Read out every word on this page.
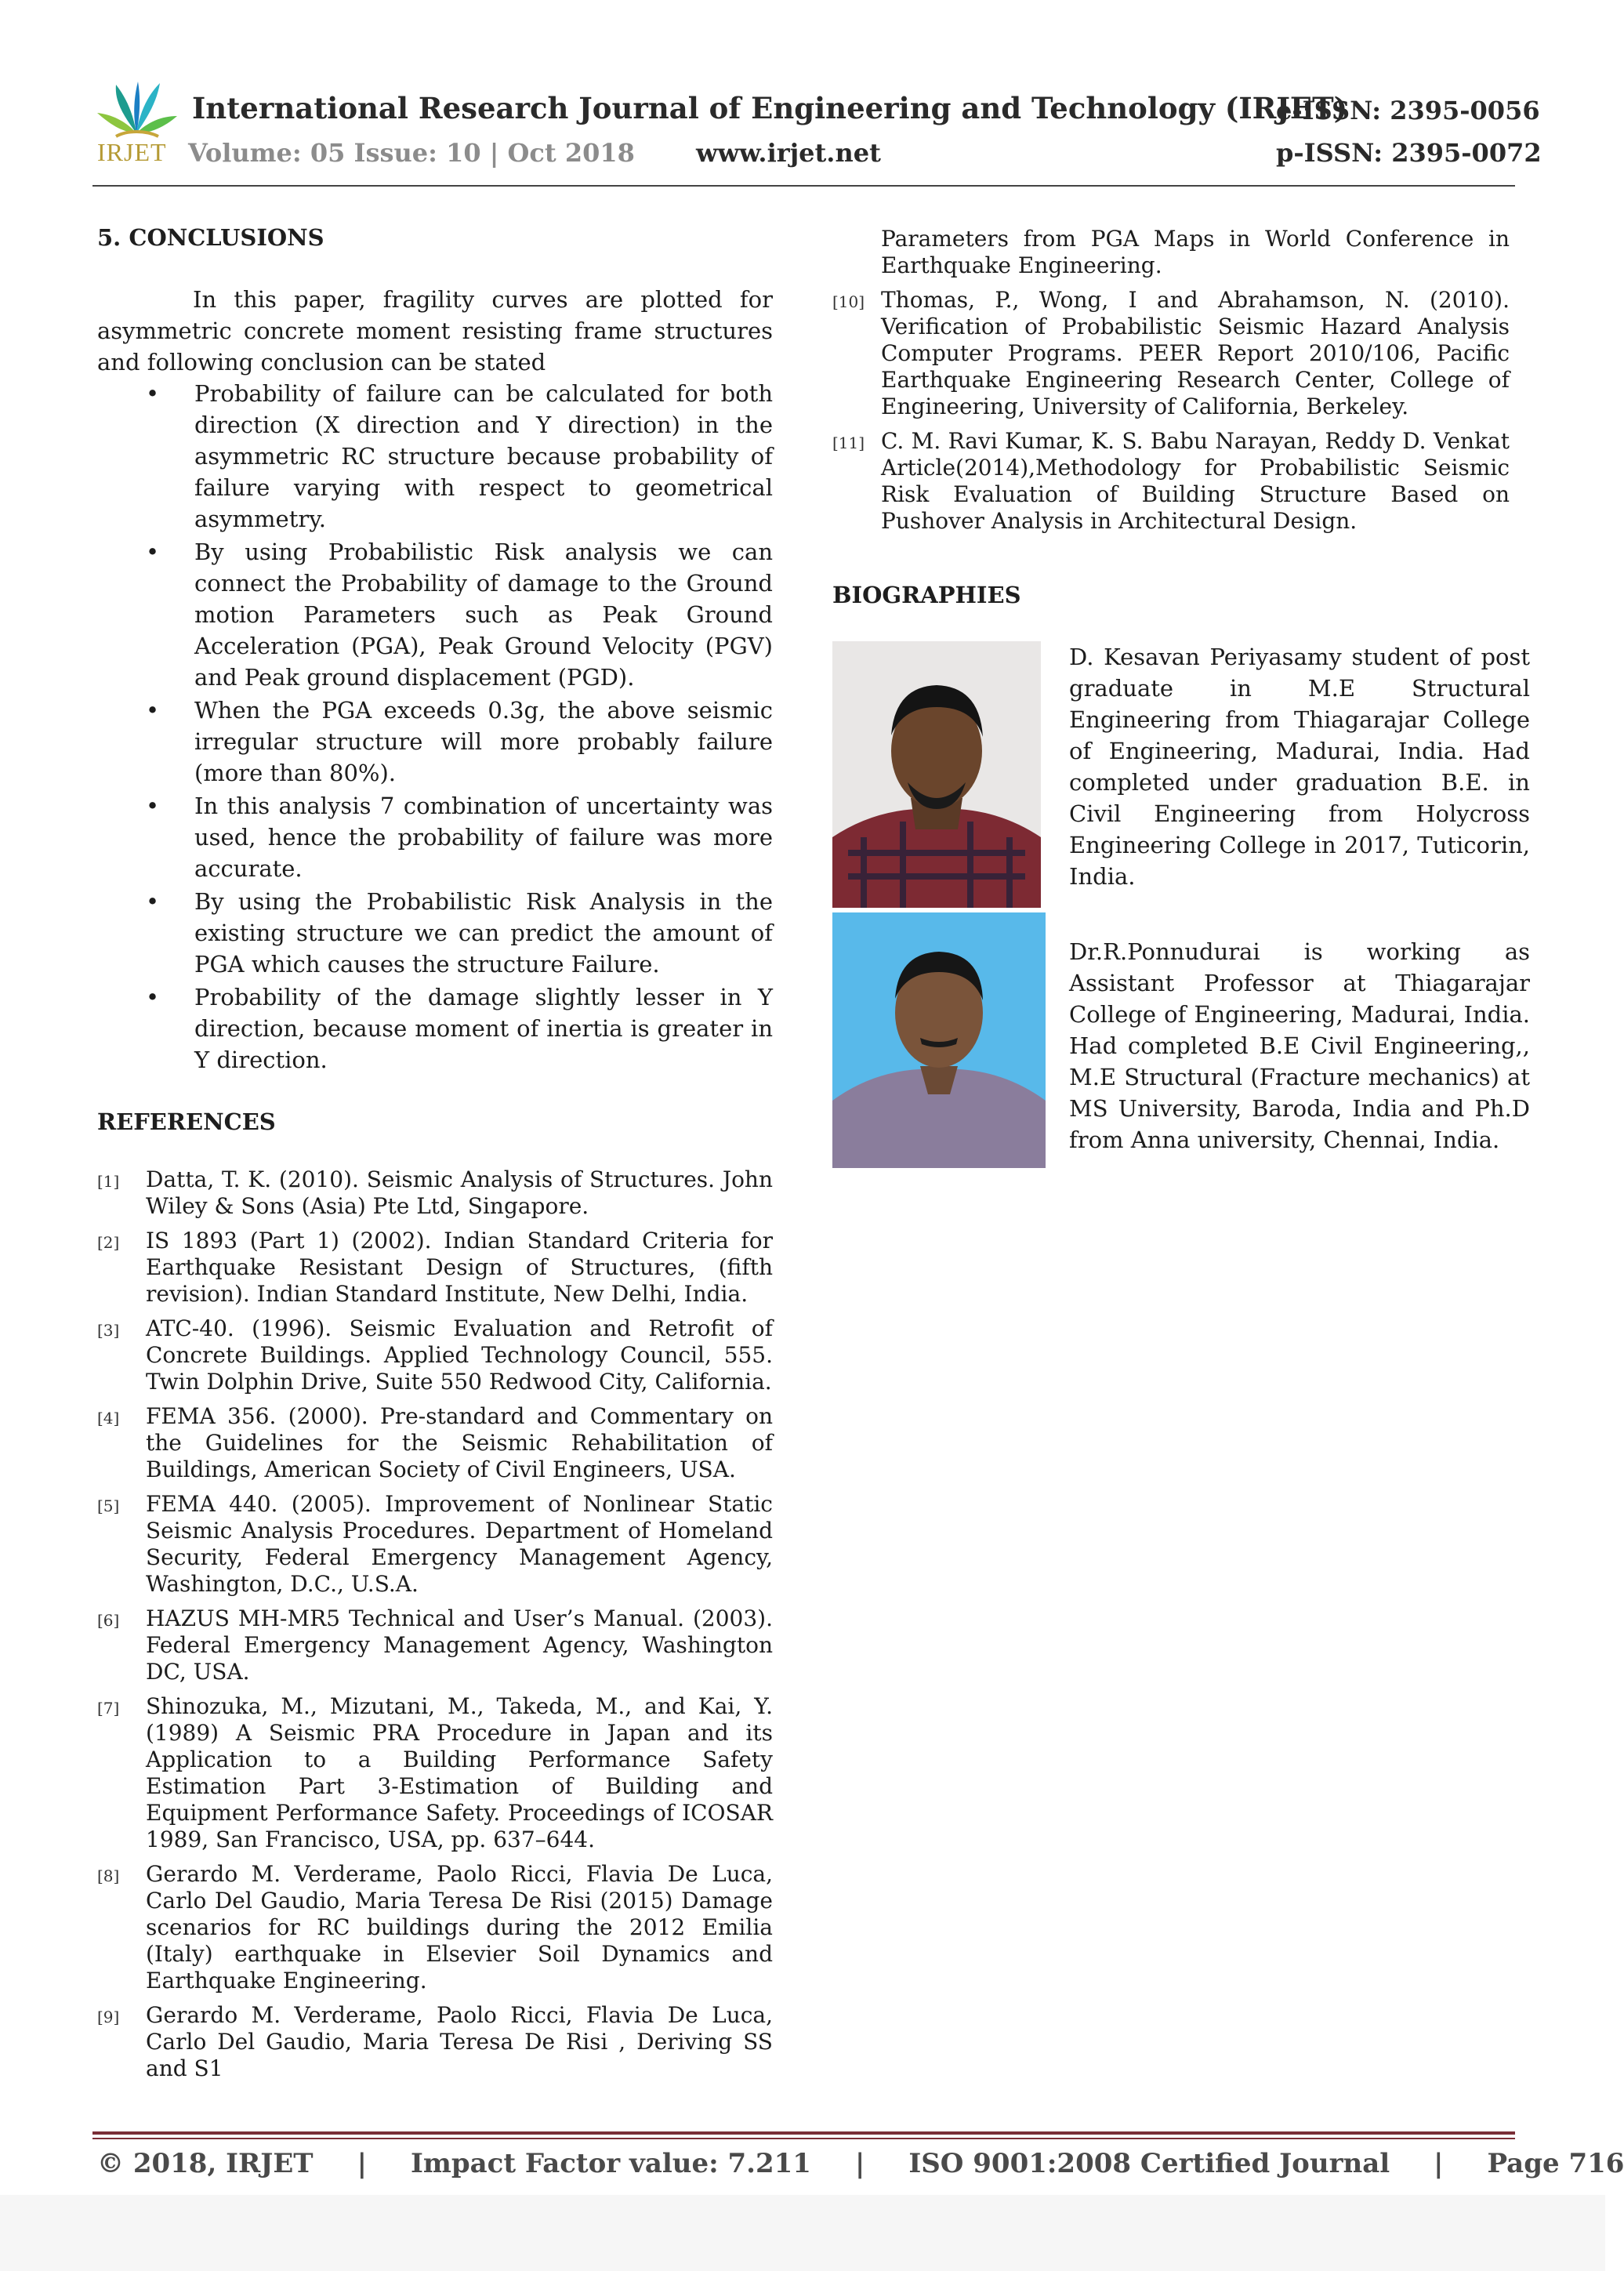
IRJET
International Research Journal of Engineering and Technology (IRJET)
Volume: 05 Issue: 10 | Oct 2018 www.irjet.net
e-ISSN: 2395-0056
p-ISSN: 2395-0072
5. CONCLUSIONS
In this paper, fragility curves are plotted for asymmetric concrete moment resisting frame structures and following conclusion can be stated
• Probability of failure can be calculated for both direction (X direction and Y direction) in the asymmetric RC structure because probability of failure varying with respect to geometrical asymmetry.
• By using Probabilistic Risk analysis we can connect the Probability of damage to the Ground motion Parameters such as Peak Ground Acceleration (PGA), Peak Ground Velocity (PGV) and Peak ground displacement (PGD).
• When the PGA exceeds 0.3g, the above seismic irregular structure will more probably failure (more than 80%).
• In this analysis 7 combination of uncertainty was used, hence the probability of failure was more accurate.
• By using the Probabilistic Risk Analysis in the existing structure we can predict the amount of PGA which causes the structure Failure.
• Probability of the damage slightly lesser in Y direction, because moment of inertia is greater in Y direction.
REFERENCES
[1] Datta, T. K. (2010). Seismic Analysis of Structures. John Wiley & Sons (Asia) Pte Ltd, Singapore.
[2] IS 1893 (Part 1) (2002). Indian Standard Criteria for Earthquake Resistant Design of Structures, (fifth revision). Indian Standard Institute, New Delhi, India.
[3] ATC-40. (1996). Seismic Evaluation and Retrofit of Concrete Buildings. Applied Technology Council, 555. Twin Dolphin Drive, Suite 550 Redwood City, California.
[4] FEMA 356. (2000). Pre-standard and Commentary on the Guidelines for the Seismic Rehabilitation of Buildings, American Society of Civil Engineers, USA.
[5] FEMA 440. (2005). Improvement of Nonlinear Static Seismic Analysis Procedures. Department of Homeland Security, Federal Emergency Management Agency, Washington, D.C., U.S.A.
[6] HAZUS MH-MR5 Technical and User’s Manual. (2003). Federal Emergency Management Agency, Washington DC, USA.
[7] Shinozuka, M., Mizutani, M., Takeda, M., and Kai, Y. (1989) A Seismic PRA Procedure in Japan and its Application to a Building Performance Safety Estimation Part 3-Estimation of Building and Equipment Performance Safety. Proceedings of ICOSAR 1989, San Francisco, USA, pp. 637–644.
[8] Gerardo M. Verderame, Paolo Ricci, Flavia De Luca, Carlo Del Gaudio, Maria Teresa De Risi (2015) Damage scenarios for RC buildings during the 2012 Emilia (Italy) earthquake in Elsevier Soil Dynamics and Earthquake Engineering.
[9] Gerardo M. Verderame, Paolo Ricci, Flavia De Luca, Carlo Del Gaudio, Maria Teresa De Risi , Deriving SS and S1
Parameters from PGA Maps in World Conference in Earthquake Engineering.
[10] Thomas, P., Wong, I and Abrahamson, N. (2010). Verification of Probabilistic Seismic Hazard Analysis Computer Programs. PEER Report 2010/106, Pacific Earthquake Engineering Research Center, College of Engineering, University of California, Berkeley.
[11] C. M. Ravi Kumar, K. S. Babu Narayan, Reddy D. Venkat Article(2014),Methodology for Probabilistic Seismic Risk Evaluation of Building Structure Based on Pushover Analysis in Architectural Design.
BIOGRAPHIES
D. Kesavan Periyasamy student of post graduate in M.E Structural Engineering from Thiagarajar College of Engineering, Madurai, India. Had completed under graduation B.E. in Civil Engineering from Holycross Engineering College in 2017, Tuticorin, India.
Dr.R.Ponnudurai is working as Assistant Professor at Thiagarajar College of Engineering, Madurai, India. Had completed B.E Civil Engineering,, M.E Structural (Fracture mechanics) at MS University, Baroda, India and Ph.D from Anna university, Chennai, India.
© 2018, IRJET | Impact Factor value: 7.211 | ISO 9001:2008 Certified Journal | Page 716
